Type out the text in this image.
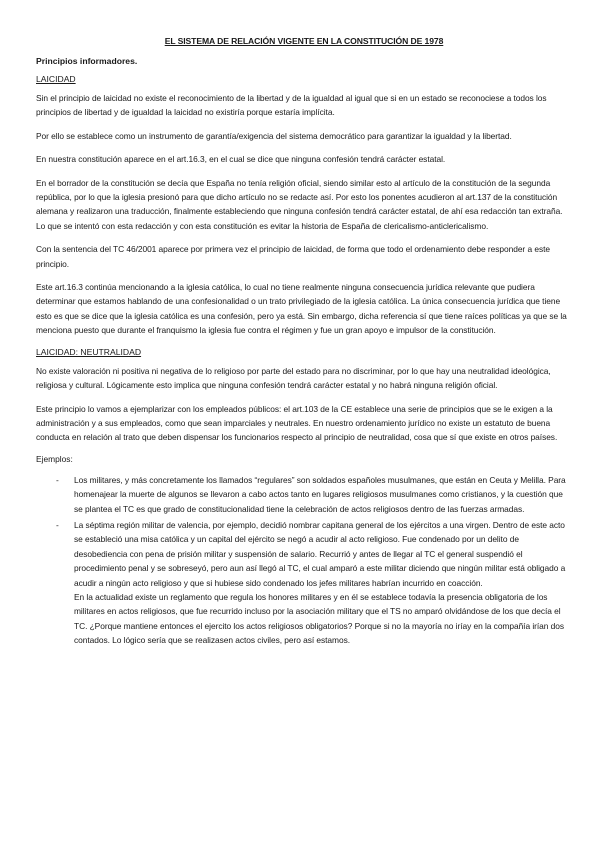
EL SISTEMA DE RELACIÓN VIGENTE EN LA CONSTITUCIÓN DE 1978
Principios informadores.
LAICIDAD

Sin el principio de laicidad no existe el reconocimiento de la libertad y de la igualdad al igual que si en un estado se reconociese a todos los principios de libertad y de igualdad la laicidad no existiría porque estaría implícita.

Por ello se establece como un instrumento de garantía/exigencia del sistema democrático para garantizar la igualdad y la libertad.

En nuestra constitución aparece en el art.16.3, en el cual se dice que ninguna confesión tendrá carácter estatal.

En el borrador de la constitución se decía que España no tenía religión oficial, siendo similar esto al artículo de la constitución de la segunda república, por lo que la iglesia presionó para que dicho artículo no se redacte así. Por esto los ponentes acudieron al art.137 de la constitución alemana y realizaron una traducción, finalmente estableciendo que ninguna confesión tendrá carácter estatal, de ahí esa redacción tan extraña. Lo que se intentó con esta redacción y con esta constitución es evitar la historia de España de clericalismo-anticlericalismo.

Con la sentencia del TC 46/2001 aparece por primera vez el principio de laicidad, de forma que todo el ordenamiento debe responder a este principio.

Este art.16.3 continúa mencionando a la iglesia católica, lo cual no tiene realmente ninguna consecuencia jurídica relevante que pudiera determinar que estamos hablando de una confesionalidad o un trato privilegiado de la iglesia católica. La única consecuencia jurídica que tiene esto es que se dice que la iglesia católica es una confesión, pero ya está. Sin embargo, dicha referencia sí que tiene raíces políticas ya que se la menciona puesto que durante el franquismo la iglesia fue contra el régimen y fue un gran apoyo e impulsor de la constitución.

LAICIDAD: NEUTRALIDAD

No existe valoración ni positiva ni negativa de lo religioso por parte del estado para no discriminar, por lo que hay una neutralidad ideológica, religiosa y cultural. Lógicamente esto implica que ninguna confesión tendrá carácter estatal y no habrá ninguna religión oficial.

Este principio lo vamos a ejemplarizar con los empleados públicos: el art.103 de la CE establece una serie de principios que se le exigen a la administración y a sus empleados, como que sean imparciales y neutrales. En nuestro ordenamiento jurídico no existe un estatuto de buena conducta en relación al trato que deben dispensar los funcionarios respecto al principio de neutralidad, cosa que sí que existe en otros países.

Ejemplos:
- Los militares, y más concretamente los llamados “regulares” son soldados españoles musulmanes, que están en Ceuta y Melilla. Para homenajear la muerte de algunos se llevaron a cabo actos tanto en lugares religiosos musulmanes como cristianos, y la cuestión que se plantea el TC es que grado de constitucionalidad tiene la celebración de actos religiosos dentro de las fuerzas armadas.
- La séptima región militar de valencia, por ejemplo, decidió nombrar capitana general de los ejércitos a una virgen. Dentro de este acto se estableció una misa católica y un capital del ejército se negó a acudir al acto religioso. Fue condenado por un delito de desobediencia con pena de prisión militar y suspensión de salario. Recurrió y antes de llegar al TC el general suspendió el procedimiento penal y se sobreseyó, pero aun así llegó al TC, el cual amparó a este militar diciendo que ningún militar está obligado a acudir a ningún acto religioso y que si hubiese sido condenado los jefes militares habrían incurrido en coacción.
En la actualidad existe un reglamento que regula los honores militares y en él se establece todavía la presencia obligatoria de los militares en actos religiosos, que fue recurrido incluso por la asociación military que el TS no amparó olvidándose de los que decía el TC. ¿Porque mantiene entonces el ejercito los actos religiosos obligatorios? Porque si no la mayoría no iríay en la compañía irían dos contados. Lo lógico sería que se realizasen actos civiles, pero así estamos.
